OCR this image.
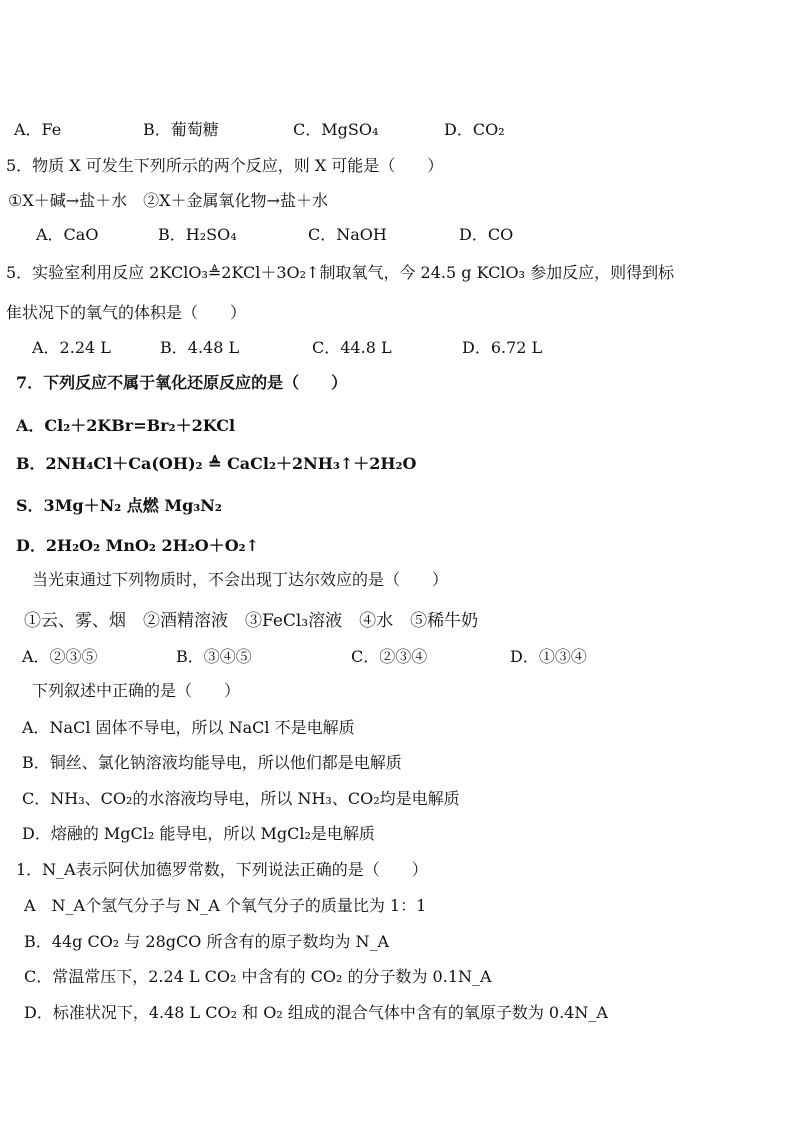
A．Fe	B．葡萄糖	C．MgSO₄	D．CO₂
5．物质 X 可发生下列所示的两个反应，则 X 可能是（　　）
①X＋碱→盐＋水　②X＋金属氧化物→盐＋水
A．CaO	B．H₂SO₄	C．NaOH	D．CO
5．实验室利用反应 2KClO₃≜2KCl＋3O₂↑制取氧气，今 24.5 g KClO₃ 参加反应，则得到标
隹状况下的氧气的体积是（　　）
A．2.24 L	B．4.48 L	C．44.8 L	D．6.72 L
7．下列反应不属于氧化还原反应的是（　　）
A．Cl₂＋2KBr=Br₂＋2KCl
B．2NH₄Cl＋Ca(OH)₂ ≜ CaCl₂＋2NH₃↑＋2H₂O
S．3Mg＋N₂ 点燃 Mg₃N₂
D．2H₂O₂ MnO₂ 2H₂O＋O₂↑
当光束通过下列物质时，不会出现丁达尔效应的是（　　）
①云、雾、烟　②酒精溶液　③FeCl₃溶液　④水　⑤稀牛奶
A．②③⑤	B．③④⑤	C．②③④	D．①③④
下列叙述中正确的是（　　）
A．NaCl 固体不导电，所以 NaCl 不是电解质
B．铜丝、氯化钠溶液均能导电，所以他们都是电解质
C．NH₃、CO₂的水溶液均导电，所以 NH₃、CO₂均是电解质
D．熔融的 MgCl₂ 能导电，所以 MgCl₂是电解质
1．N_A表示阿伏加德罗常数，下列说法正确的是（　　）
A　N_A个氢气分子与 N_A 个氧气分子的质量比为 1：1
B．44g CO₂ 与 28gCO 所含有的原子数均为 N_A
C．常温常压下，2.24 L CO₂ 中含有的 CO₂ 的分子数为 0.1N_A
D．标准状况下，4.48 L CO₂ 和 O₂ 组成的混合气体中含有的氧原子数为 0.4N_A
